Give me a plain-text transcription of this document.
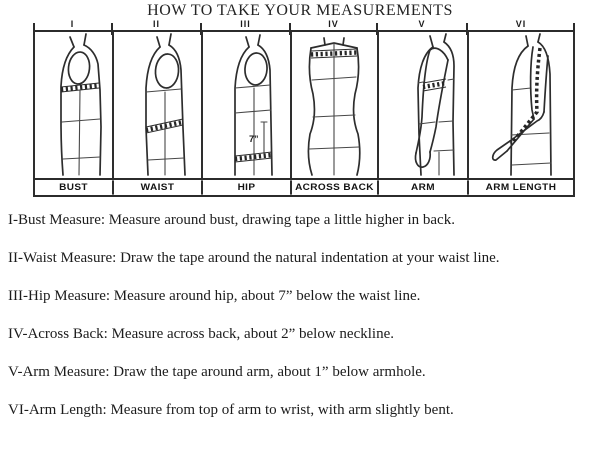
HOW TO TAKE YOUR MEASUREMENTS
I	II	III	IV	V	VI
7”
BUST	WAIST	HIP	ACROSS BACK	ARM	ARM LENGTH

I-Bust Measure: Measure around bust, drawing tape a little higher in back.

II-Waist Measure: Draw the tape around the natural indentation at your waist line.

III-Hip Measure: Measure around hip, about 7” below the waist line.

IV-Across Back: Measure across back, about 2” below neckline.

V-Arm Measure: Draw the tape around arm, about 1” below armhole.

VI-Arm Length: Measure from top of arm to wrist, with arm slightly bent.
